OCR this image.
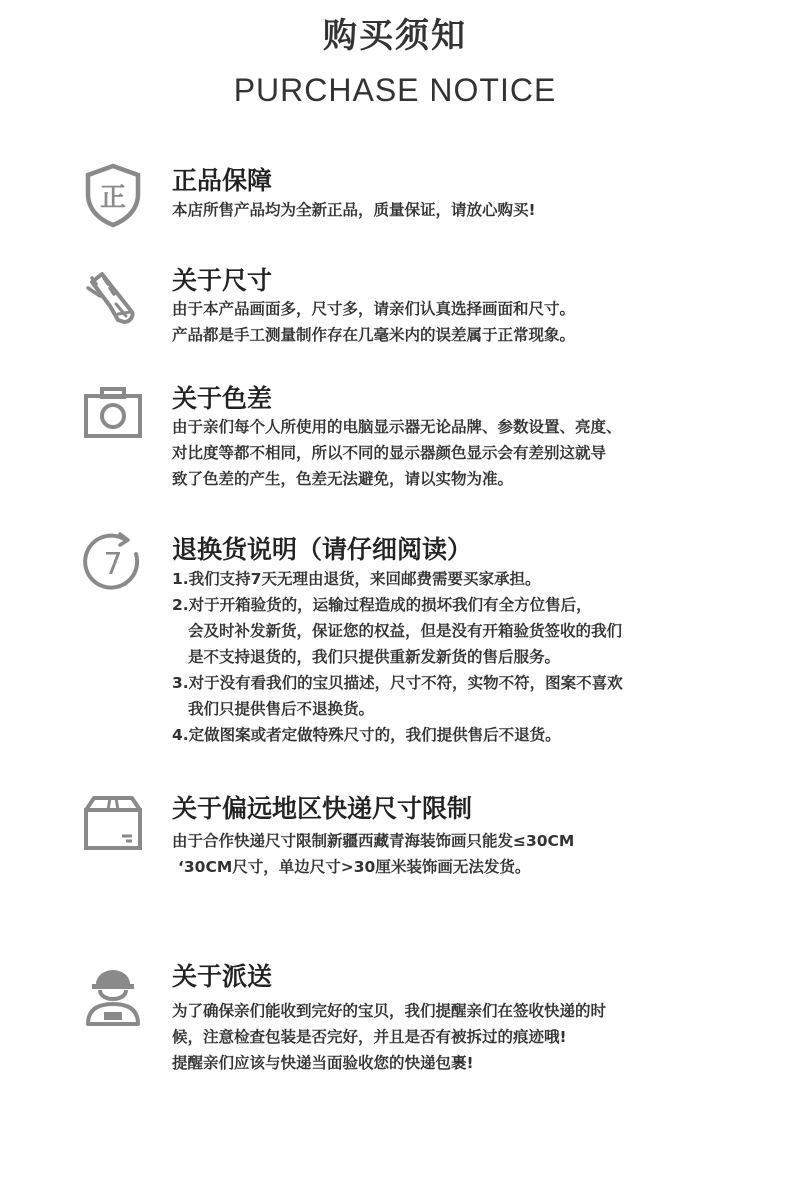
购买须知
PURCHASE NOTICE
正
正品保障
本店所售产品均为全新正品，质量保证，请放心购买!
关于尺寸
由于本产品画面多，尺寸多，请亲们认真选择画面和尺寸。
产品都是手工测量制作存在几毫米内的误差属于正常现象。
关于色差
由于亲们每个人所使用的电脑显示器无论品牌、参数设置、亮度、
对比度等都不相同，所以不同的显示器颜色显示会有差别这就导
致了色差的产生，色差无法避免，请以实物为准。
7 退换货说明（请仔细阅读）
1.我们支持7天无理由退货，来回邮费需要买家承担。
2.对于开箱验货的，运输过程造成的损坏我们有全方位售后，
会及时补发新货，保证您的权益，但是没有开箱验货签收的我们
是不支持退货的，我们只提供重新发新货的售后服务。
3.对于没有看我们的宝贝描述，尺寸不符，实物不符，图案不喜欢
我们只提供售后不退换货。
4.定做图案或者定做特殊尺寸的，我们提供售后不退货。
关于偏远地区快递尺寸限制
由于合作快递尺寸限制新疆西藏青海装饰画只能发≤30CM
‘30CM尺寸，单边尺寸>30厘米装饰画无法发货。
关于派送
为了确保亲们能收到完好的宝贝，我们提醒亲们在签收快递的时
候，注意检查包装是否完好，并且是否有被拆过的痕迹哦!
提醒亲们应该与快递当面验收您的快递包裹!
